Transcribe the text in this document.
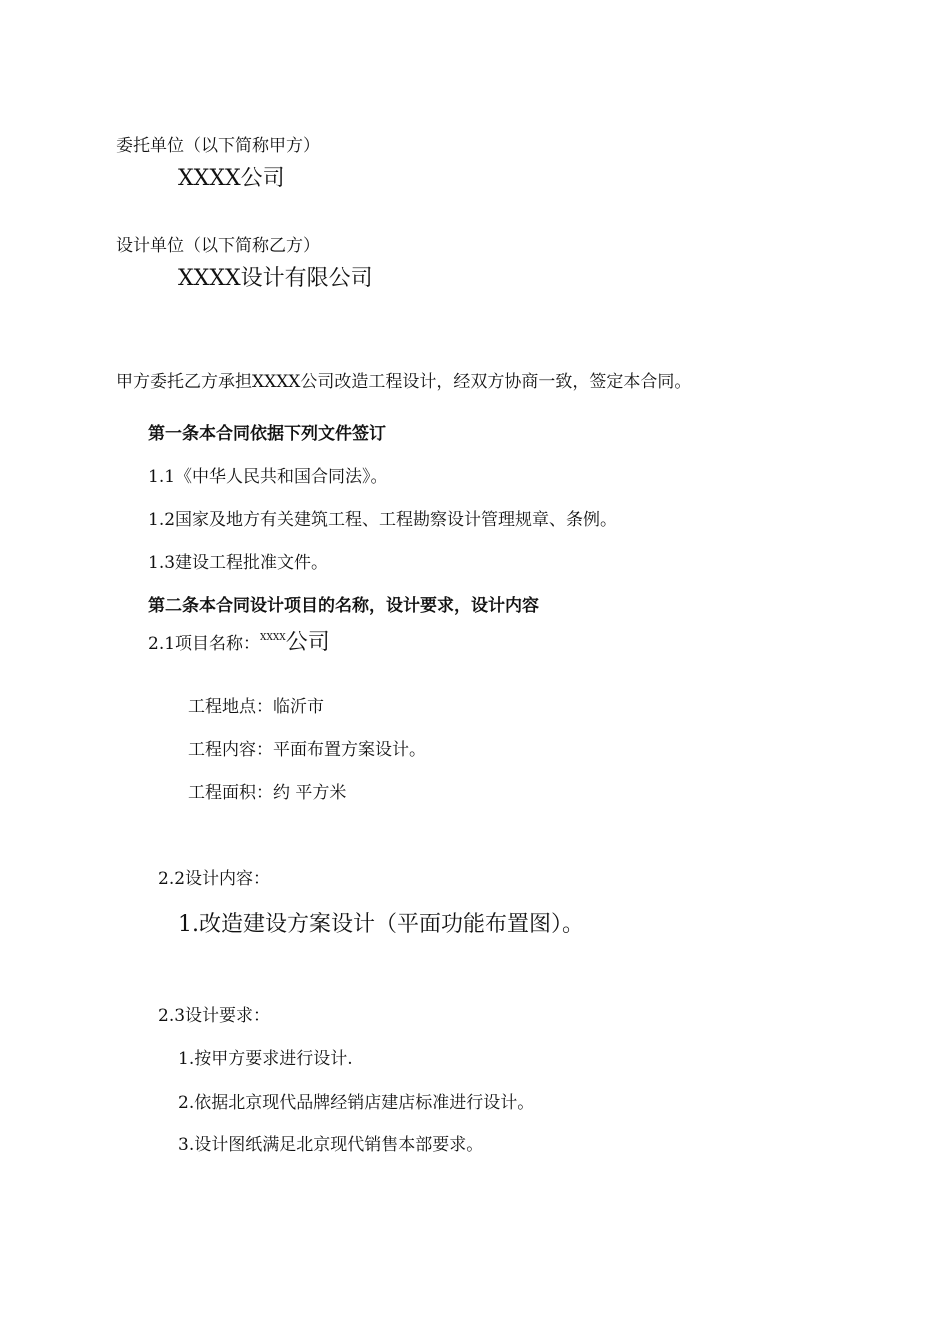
委托单位（以下简称甲方）
XXXX公司
设计单位（以下简称乙方）
XXXX设计有限公司
甲方委托乙方承担XXXX公司改造工程设计，经双方协商一致，签定本合同。
第一条本合同依据下列文件签订
1.1《中华人民共和国合同法》。
1.2国家及地方有关建筑工程、工程勘察设计管理规章、条例。
1.3建设工程批准文件。
第二条本合同设计项目的名称，设计要求，设计内容
2.1项目名称：$^{XXXX}$公司
工程地点：临沂市
工程内容：平面布置方案设计。
工程面积：约 平方米
2.2设计内容：
1.改造建设方案设计（平面功能布置图）。
2.3设计要求：
1.按甲方要求进行设计.
2.依据北京现代品牌经销店建店标准进行设计。
3.设计图纸满足北京现代销售本部要求。
